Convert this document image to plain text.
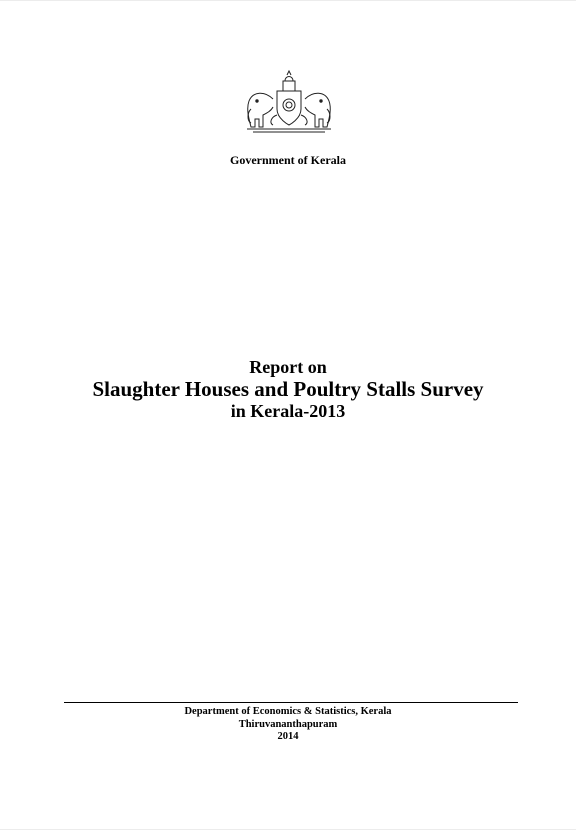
Government of Kerala
Report on
Slaughter Houses and Poultry Stalls Survey
in Kerala-2013
Department of Economics & Statistics, Kerala
Thiruvananthapuram
2014
